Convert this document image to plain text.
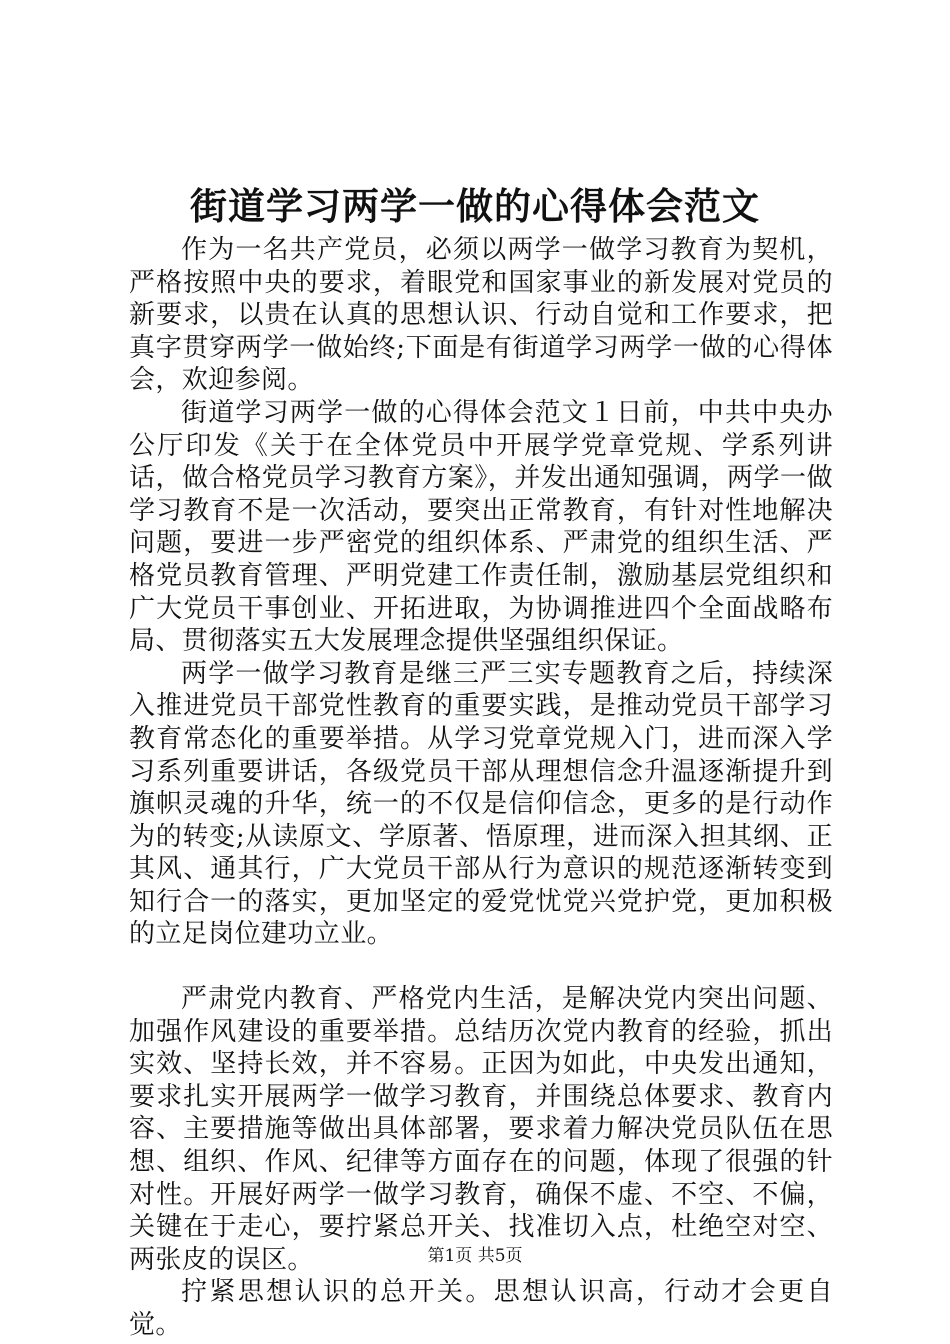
街道学习两学一做的心得体会范文

作为一名共产党员，必须以两学一做学习教育为契机，严格按照中央的要求，着眼党和国家事业的新发展对党员的新要求，以贵在认真的思想认识、行动自觉和工作要求，把真字贯穿两学一做始终;下面是有街道学习两学一做的心得体会，欢迎参阅。

街道学习两学一做的心得体会范文１日前，中共中央办公厅印发《关于在全体党员中开展学党章党规、学系列讲话，做合格党员学习教育方案》，并发出通知强调，两学一做学习教育不是一次活动，要突出正常教育，有针对性地解决问题，要进一步严密党的组织体系、严肃党的组织生活、严格党员教育管理、严明党建工作责任制，激励基层党组织和广大党员干事创业、开拓进取，为协调推进四个全面战略布局、贯彻落实五大发展理念提供坚强组织保证。

两学一做学习教育是继三严三实专题教育之后，持续深入推进党员干部党性教育的重要实践，是推动党员干部学习教育常态化的重要举措。从学习党章党规入门，进而深入学习系列重要讲话，各级党员干部从理想信念升温逐渐提升到旗帜灵魂的升华，统一的不仅是信仰信念，更多的是行动作为的转变;从读原文、学原著、悟原理，进而深入担其纲、正其风、通其行，广大党员干部从行为意识的规范逐渐转变到知行合一的落实，更加坚定的爱党忧党兴党护党，更加积极的立足岗位建功立业。

严肃党内教育、严格党内生活，是解决党内突出问题、加强作风建设的重要举措。总结历次党内教育的经验，抓出实效、坚持长效，并不容易。正因为如此，中央发出通知，要求扎实开展两学一做学习教育，并围绕总体要求、教育内容、主要措施等做出具体部署，要求着力解决党员队伍在思想、组织、作风、纪律等方面存在的问题，体现了很强的针对性。开展好两学一做学习教育，确保不虚、不空、不偏，关键在于走心，要拧紧总开关、找准切入点，杜绝空对空、两张皮的误区。

拧紧思想认识的总开关。思想认识高，行动才会更自觉。

第1页 共5页
